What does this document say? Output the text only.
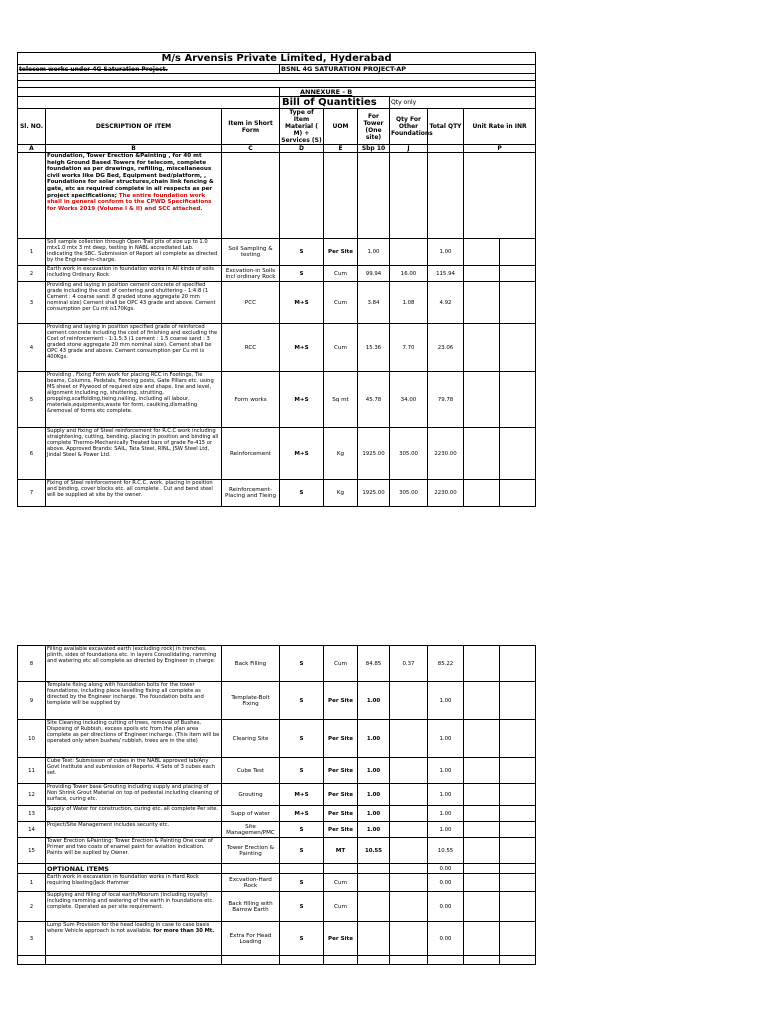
M/s Arvensis Private Limited, Hyderabad									
telecom works under 4G Saturation Project.			BSNL 4G SATURATION PROJECT-AP						

			ANNEXURE - B						
			Bill of Quantities			Qty only			
Sl. NO.	DESCRIPTION OF ITEM	Item in Short Form	Type of Item Material ( M) + Services (S)	UOM	For Tower (One site)	Qty For Other Foundations	Total QTY	Unit Rate in INR	
A	B	C	D	E	Sbp 10	J		P	
	Foundation, Tower Erection &Painting , for 40 mt heigh Ground Based Towers for telecom, complete foundation as per drawings, refilling, miscellaneous civil works like DG Bed, Equipment bed/platform, , Foundations for solar structures,chain link fencing & gate, etc as required complete in all respects as per project specifications; The entire foundation work shall in general conform to the CPWD Specifications for Works 2019 (Volume I & II) and SCC attached.								
1	Soil sample collection through Open Trail pits of size up to 1.0 mtx1.0 mtx 3 mt deep, testing in NABL accrediated Lab. indicating the SBC. Submission of Report all complete as directed by the Engineer-in-charge.	Soil Sampling & testing	S	Per Site	1.00		1.00		
2	Earth work in excavation in foundation works in All kinds of soils including Ordinary Rock	Excvation-in Soils incl ordinary Rock	S	Cum	99.94	16.00	115.94		
3	Providing and laying in position cement concrete of specified grade including the cost of centering and shuttering - 1:4:8 (1 Cement : 4 coarse sand: 8 graded stone aggregate 20 mm nominal size) Cement shall be OPC 43 grade and above. Cement consumption per Cu mt is170Kgs.	PCC	M+S	Cum	3.84	1.08	4.92		
4	Providing and laying in position specified grade of reinforced cement concrete including the cost of finishing and excluding the Cost of reinforcement - 1:1.5:3 (1 cement : 1.5 coarse sand : 3 graded stone aggregate 20 mm nominal size). Cement shall be OPC 43 grade and above. Cement consumption per Cu mt is 400Kgs.	RCC	M+S	Cum	15.36	7.70	23.06		
5	Providing , Fixing Form work for placing RCC in Footings, Tie beams, Columns, Pedstals, Fencing posts, Gate Pillars etc. using MS sheet or Plywood of required size and shape, line and level, alignment including ng, shuttering, strutting, propping,scaffolding,tieing,nailing, including all labour, materials,equipments,waste for form, caulking,dismatling &removal of forms etc complete.	Form works	M+S	Sq mt	45.78	34.00	79.78		
6	Supply and fixing of Steel reinforcement for R.C.C work including straightening, cutting, bending, placing in position and binding all complete Thermo-Mechanically Treated bars of grade Fe-415 or above. Approved Brands: SAIL, Tata Steel, RINL, JSW Steel Ltd, Jindal Steel & Power Ltd.	Reinforcement	M+S	Kg	1925.00	305.00	2230.00		
7	Fixing of Steel reinforcement for R.C.C. work. placing in position and binding, cover blocks etc. all complete . Cut and bend steel will be supplied at site by the owner.	Reinforcement-Placing and Tieing	S	Kg	1925.00	305.00	2230.00		
8	Filling available excavated earth (excluding rock) in trenches, plinth, sides of foundations etc. in layers Consolidating, ramming and watering etc all complete as directed by Engineer in charge.	Back Filling	S	Cum	84.85	0.37	85.22		
9	Template fixing along with foundation bolts for the tower foundations, including piece levelling fixing all complete as directed by the Engineer incharge. The foundation bolts and template will be supplied by	Template-Bolt Fixing	S	Per Site	1.00		1.00		
10	Site Cleaning including cutting of trees, removal of Bushes, Disposing of Rubbish, excess spoils etc from the plan area complete as per directions of Engineer incharge. (This item will be operated only when bushes/ rubbish, trees are in the site)	Clearing Site	S	Per Site	1.00		1.00		
11	Cube Test: Submission of cubes in the NABL approved lab/Any Govt Institute and submission of Reports. 4 Sets of 3 cubes each set.	Cube Test	S	Per Site	1.00		1.00		
12	Providing Tower base Grouting including supply and placing of Non Shrink Grout Material on top of pedestal including cleaning of surface, curing etc.	Grouting	M+S	Per Site	1.00		1.00		
13	Supply of Water for construction, curing etc. all complete Per site.	Supp of water	M+S	Per Site	1.00		1.00		
14	Project/Site Management includes security etc.	Site Managemen/PMC	S	Per Site	1.00		1.00		
15	Tower Erection &Painting: Tower Erection & Painting One coat of Primer and two coats of enamel paint for aviation indication. Paints will be suplied by Owner.	Tower Erection & Painting	S	MT	10.55		10.55		
	OPTIONAL ITEMS						0.00		
1	Earth work in excavation in foundation works in Hard Rock requiring blasting/Jack Hammer	Excvation-Hard Rock	S	Cum			0.00		
2	Supplying and filling of local earth/Moorum (including royalty) including ramming and watering of the earth in foundations etc. complete. Operated as per site requirement.	Back filling with Barrow Earth	S	Cum			0.00		
3	Lump Sum Provision for the head loading in case to case basis where Vehicle approach is not available. for more than 30 Mt.	Extra For Head Loading	S	Per Site			0.00		
